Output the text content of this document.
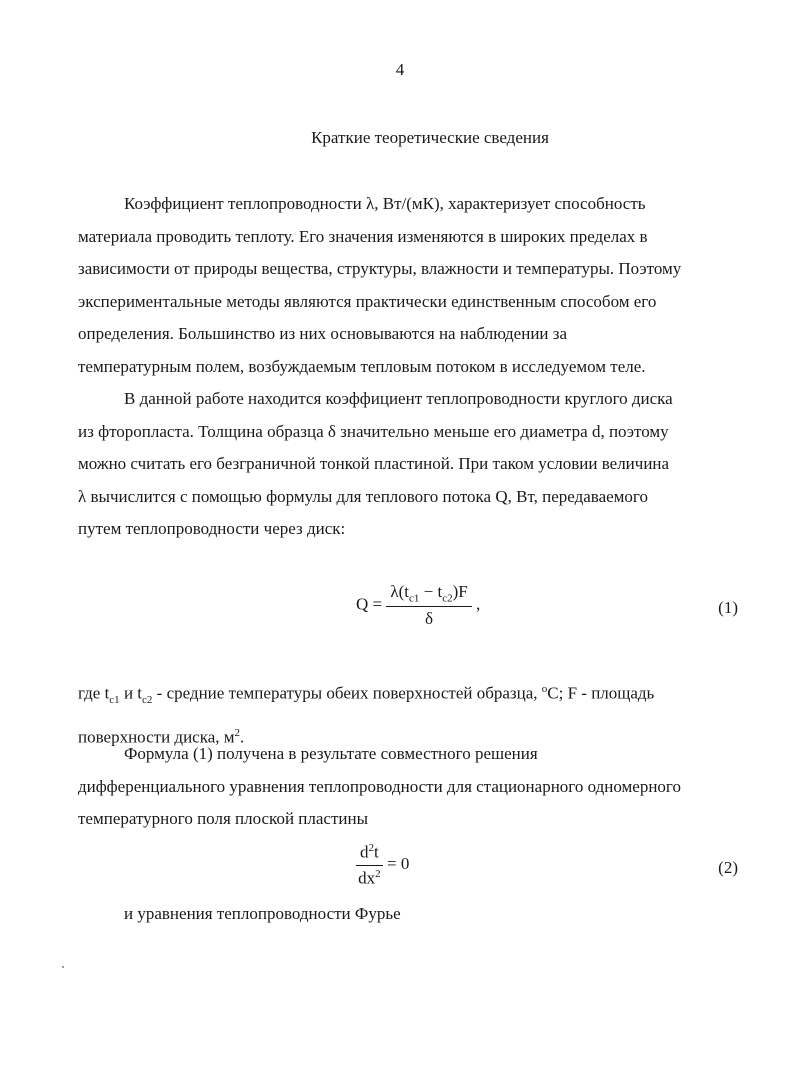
4
Краткие теоретические сведения
Коэффициент теплопроводности λ, Вт/(мК), характеризует способность
материала проводить теплоту. Его значения изменяются в широких пределах в
зависимости от природы вещества, структуры, влажности и температуры. Поэтому
экспериментальные методы являются практически единственным способом его
определения. Большинство из них основываются на наблюдении за
температурным полем, возбуждаемым тепловым потоком в исследуемом теле.
В данной работе находится коэффициент теплопроводности круглого диска
из фторопласта. Толщина образца δ значительно меньше его диаметра d, поэтому
можно считать его безграничной тонкой пластиной. При таком условии величина
λ вычислится с помощью формулы для теплового потока Q, Вт, передаваемого
путем теплопроводности через диск:
$Q = \frac{\lambda(t_{c1} - t_{c2})F}{\delta}$ ,	(1)
где $t_{c1}$ и $t_{c2}$ - средние температуры обеих поверхностей образца, $^o$C; F - площадь
поверхности диска, $м^2$.
Формула (1) получена в результате совместного решения
дифференциального уравнения теплопроводности для стационарного одномерного
температурного поля плоской пластины
$\frac{d^2t}{dx^2} = 0$	(2)
и уравнения теплопроводности Фурье
